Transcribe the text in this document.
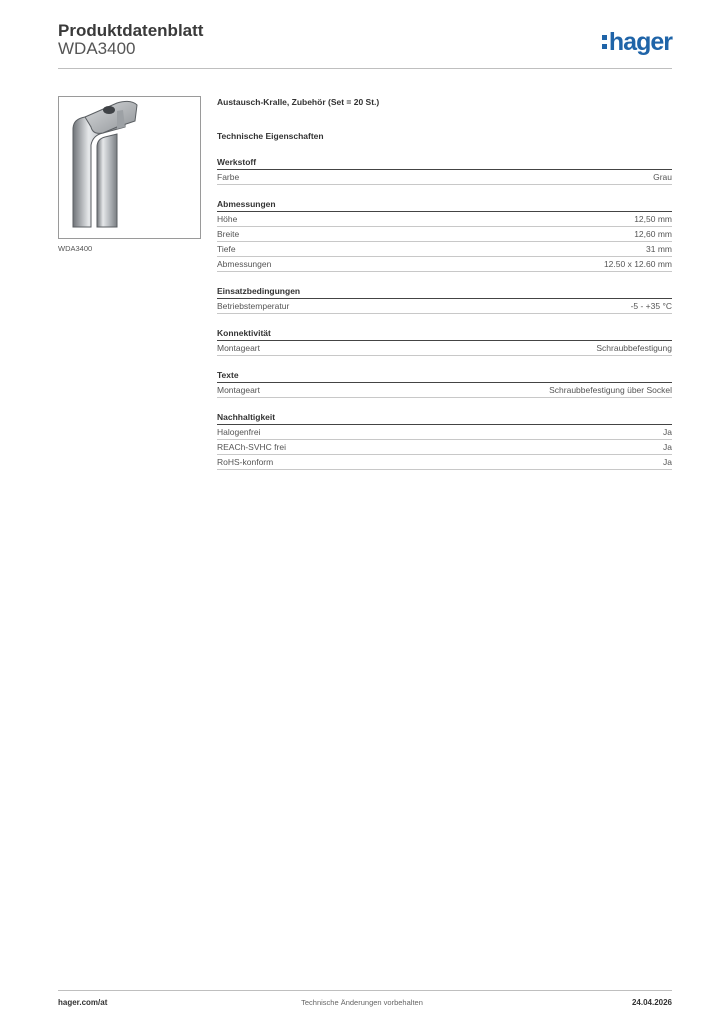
Produktdatenblatt
WDA3400	hager
WDA3400
Austausch-Kralle, Zubehör (Set = 20 St.)
Technische Eigenschaften
Werkstoff
Farbe	Grau
Abmessungen
Höhe	12,50 mm
Breite	12,60 mm
Tiefe	31 mm
Abmessungen	12.50 x 12.60 mm
Einsatzbedingungen
Betriebstemperatur	-5 - +35 °C
Konnektivität
Montageart	Schraubbefestigung
Texte
Montageart	Schraubbefestigung über Sockel
Nachhaltigkeit
Halogenfrei	Ja
REACh-SVHC frei	Ja
RoHS-konform	Ja
hager.com/at	Technische Änderungen vorbehalten	24.04.2026
